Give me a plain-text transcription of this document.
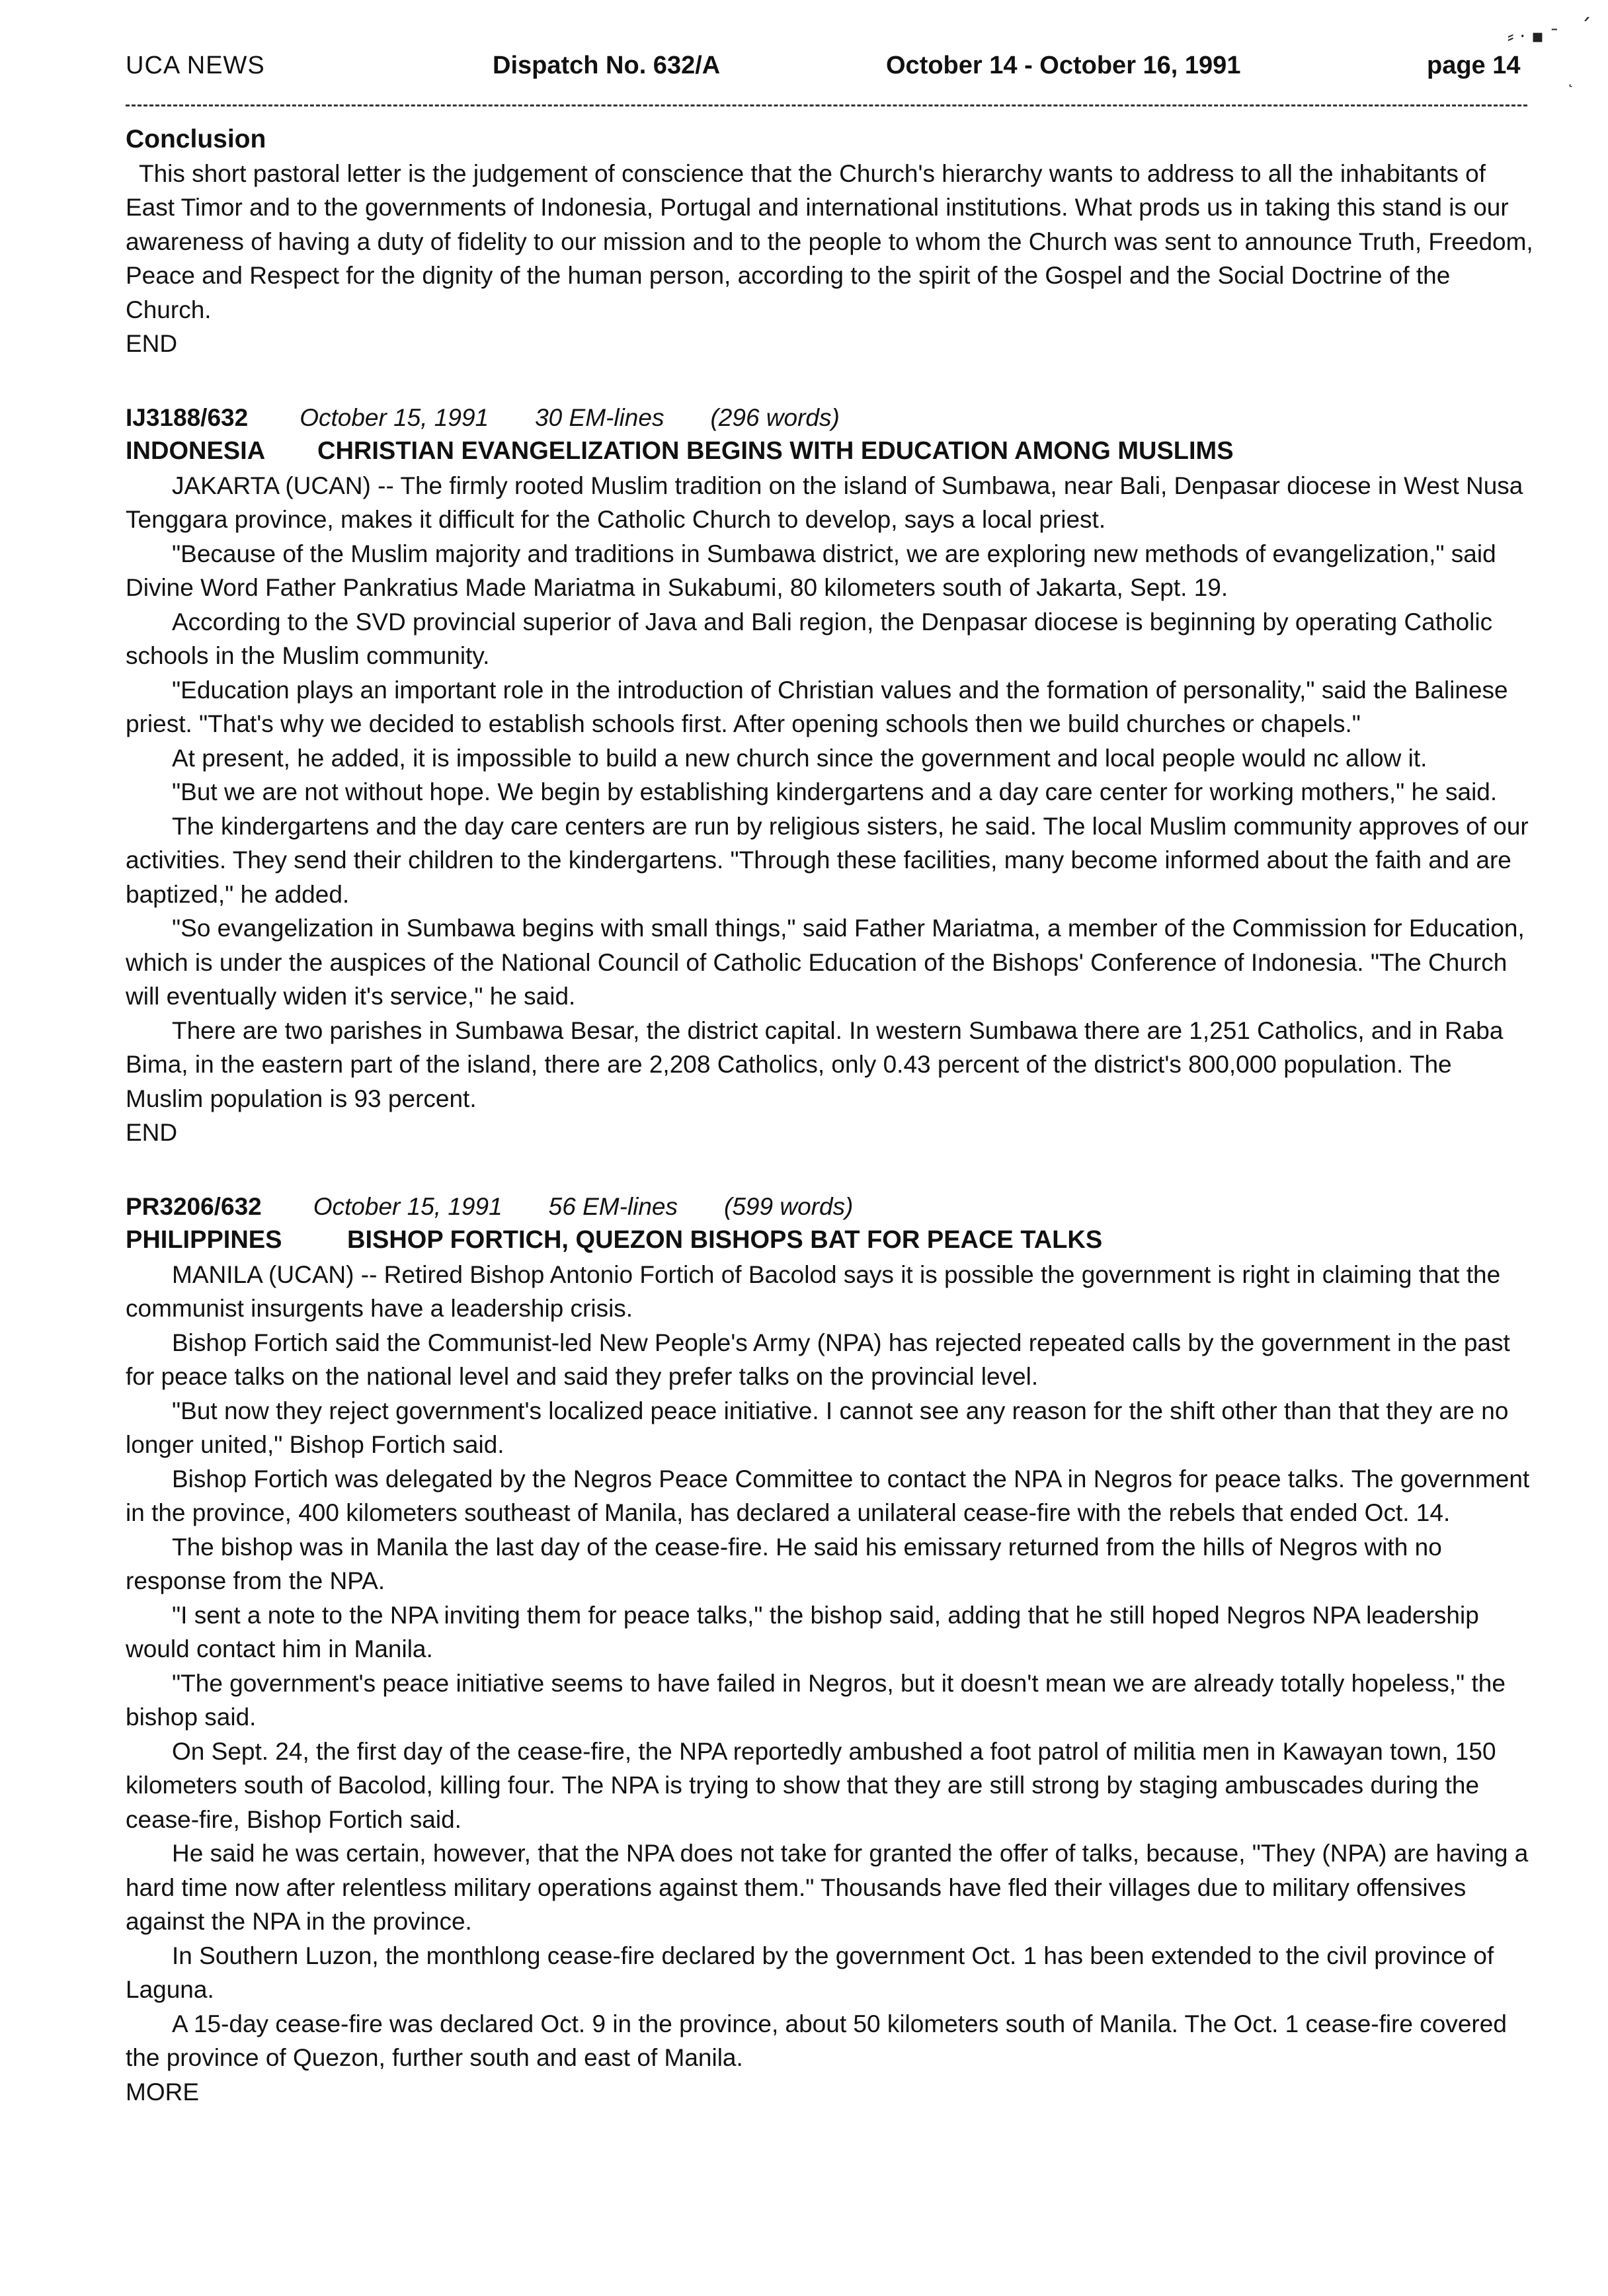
⸗ · ▪ ˉ ˊ
˛
UCA NEWS	Dispatch No. 632/A	October 14 - October 16, 1991	page 14

Conclusion

This short pastoral letter is the judgement of conscience that the Church's hierarchy wants to address to all the inhabitants of East Timor and to the governments of Indonesia, Portugal and international institutions. What prods us in taking this stand is our awareness of having a duty of fidelity to our mission and to the people to whom the Church was sent to announce Truth, Freedom, Peace and Respect for the dignity of the human person, according to the spirit of the Gospel and the Social Doctrine of the Church.

END

IJ3188/632 October 15, 1991 30 EM-lines (296 words)
INDONESIA CHRISTIAN EVANGELIZATION BEGINS WITH EDUCATION AMONG MUSLIMS

JAKARTA (UCAN) -- The firmly rooted Muslim tradition on the island of Sumbawa, near Bali, Denpasar diocese in West Nusa Tenggara province, makes it difficult for the Catholic Church to develop, says a local priest.

"Because of the Muslim majority and traditions in Sumbawa district, we are exploring new methods of evangelization," said Divine Word Father Pankratius Made Mariatma in Sukabumi, 80 kilometers south of Jakarta, Sept. 19.

According to the SVD provincial superior of Java and Bali region, the Denpasar diocese is beginning by operating Catholic schools in the Muslim community.

"Education plays an important role in the introduction of Christian values and the formation of personality," said the Balinese priest. "That's why we decided to establish schools first. After opening schools then we build churches or chapels."

At present, he added, it is impossible to build a new church since the government and local people would nc allow it.

"But we are not without hope. We begin by establishing kindergartens and a day care center for working mothers," he said.

The kindergartens and the day care centers are run by religious sisters, he said. The local Muslim community approves of our activities. They send their children to the kindergartens. "Through these facilities, many become informed about the faith and are baptized," he added.

"So evangelization in Sumbawa begins with small things," said Father Mariatma, a member of the Commission for Education, which is under the auspices of the National Council of Catholic Education of the Bishops' Conference of Indonesia. "The Church will eventually widen it's service," he said.

There are two parishes in Sumbawa Besar, the district capital. In western Sumbawa there are 1,251 Catholics, and in Raba Bima, in the eastern part of the island, there are 2,208 Catholics, only 0.43 percent of the district's 800,000 population. The Muslim population is 93 percent.

END

PR3206/632 October 15, 1991 56 EM-lines (599 words)
PHILIPPINES	BISHOP FORTICH, QUEZON BISHOPS BAT FOR PEACE TALKS

MANILA (UCAN) -- Retired Bishop Antonio Fortich of Bacolod says it is possible the government is right in claiming that the communist insurgents have a leadership crisis.

Bishop Fortich said the Communist-led New People's Army (NPA) has rejected repeated calls by the government in the past for peace talks on the national level and said they prefer talks on the provincial level.

"But now they reject government's localized peace initiative. I cannot see any reason for the shift other than that they are no longer united," Bishop Fortich said.

Bishop Fortich was delegated by the Negros Peace Committee to contact the NPA in Negros for peace talks. The government in the province, 400 kilometers southeast of Manila, has declared a unilateral cease-fire with the rebels that ended Oct. 14.

The bishop was in Manila the last day of the cease-fire. He said his emissary returned from the hills of Negros with no response from the NPA.

"I sent a note to the NPA inviting them for peace talks," the bishop said, adding that he still hoped Negros NPA leadership would contact him in Manila.

"The government's peace initiative seems to have failed in Negros, but it doesn't mean we are already totally hopeless," the bishop said.

On Sept. 24, the first day of the cease-fire, the NPA reportedly ambushed a foot patrol of militia men in Kawayan town, 150 kilometers south of Bacolod, killing four. The NPA is trying to show that they are still strong by staging ambuscades during the cease-fire, Bishop Fortich said.

He said he was certain, however, that the NPA does not take for granted the offer of talks, because, "They (NPA) are having a hard time now after relentless military operations against them." Thousands have fled their villages due to military offensives against the NPA in the province.

In Southern Luzon, the monthlong cease-fire declared by the government Oct. 1 has been extended to the civil province of Laguna.

A 15-day cease-fire was declared Oct. 9 in the province, about 50 kilometers south of Manila. The Oct. 1 cease-fire covered the province of Quezon, further south and east of Manila.

MORE
